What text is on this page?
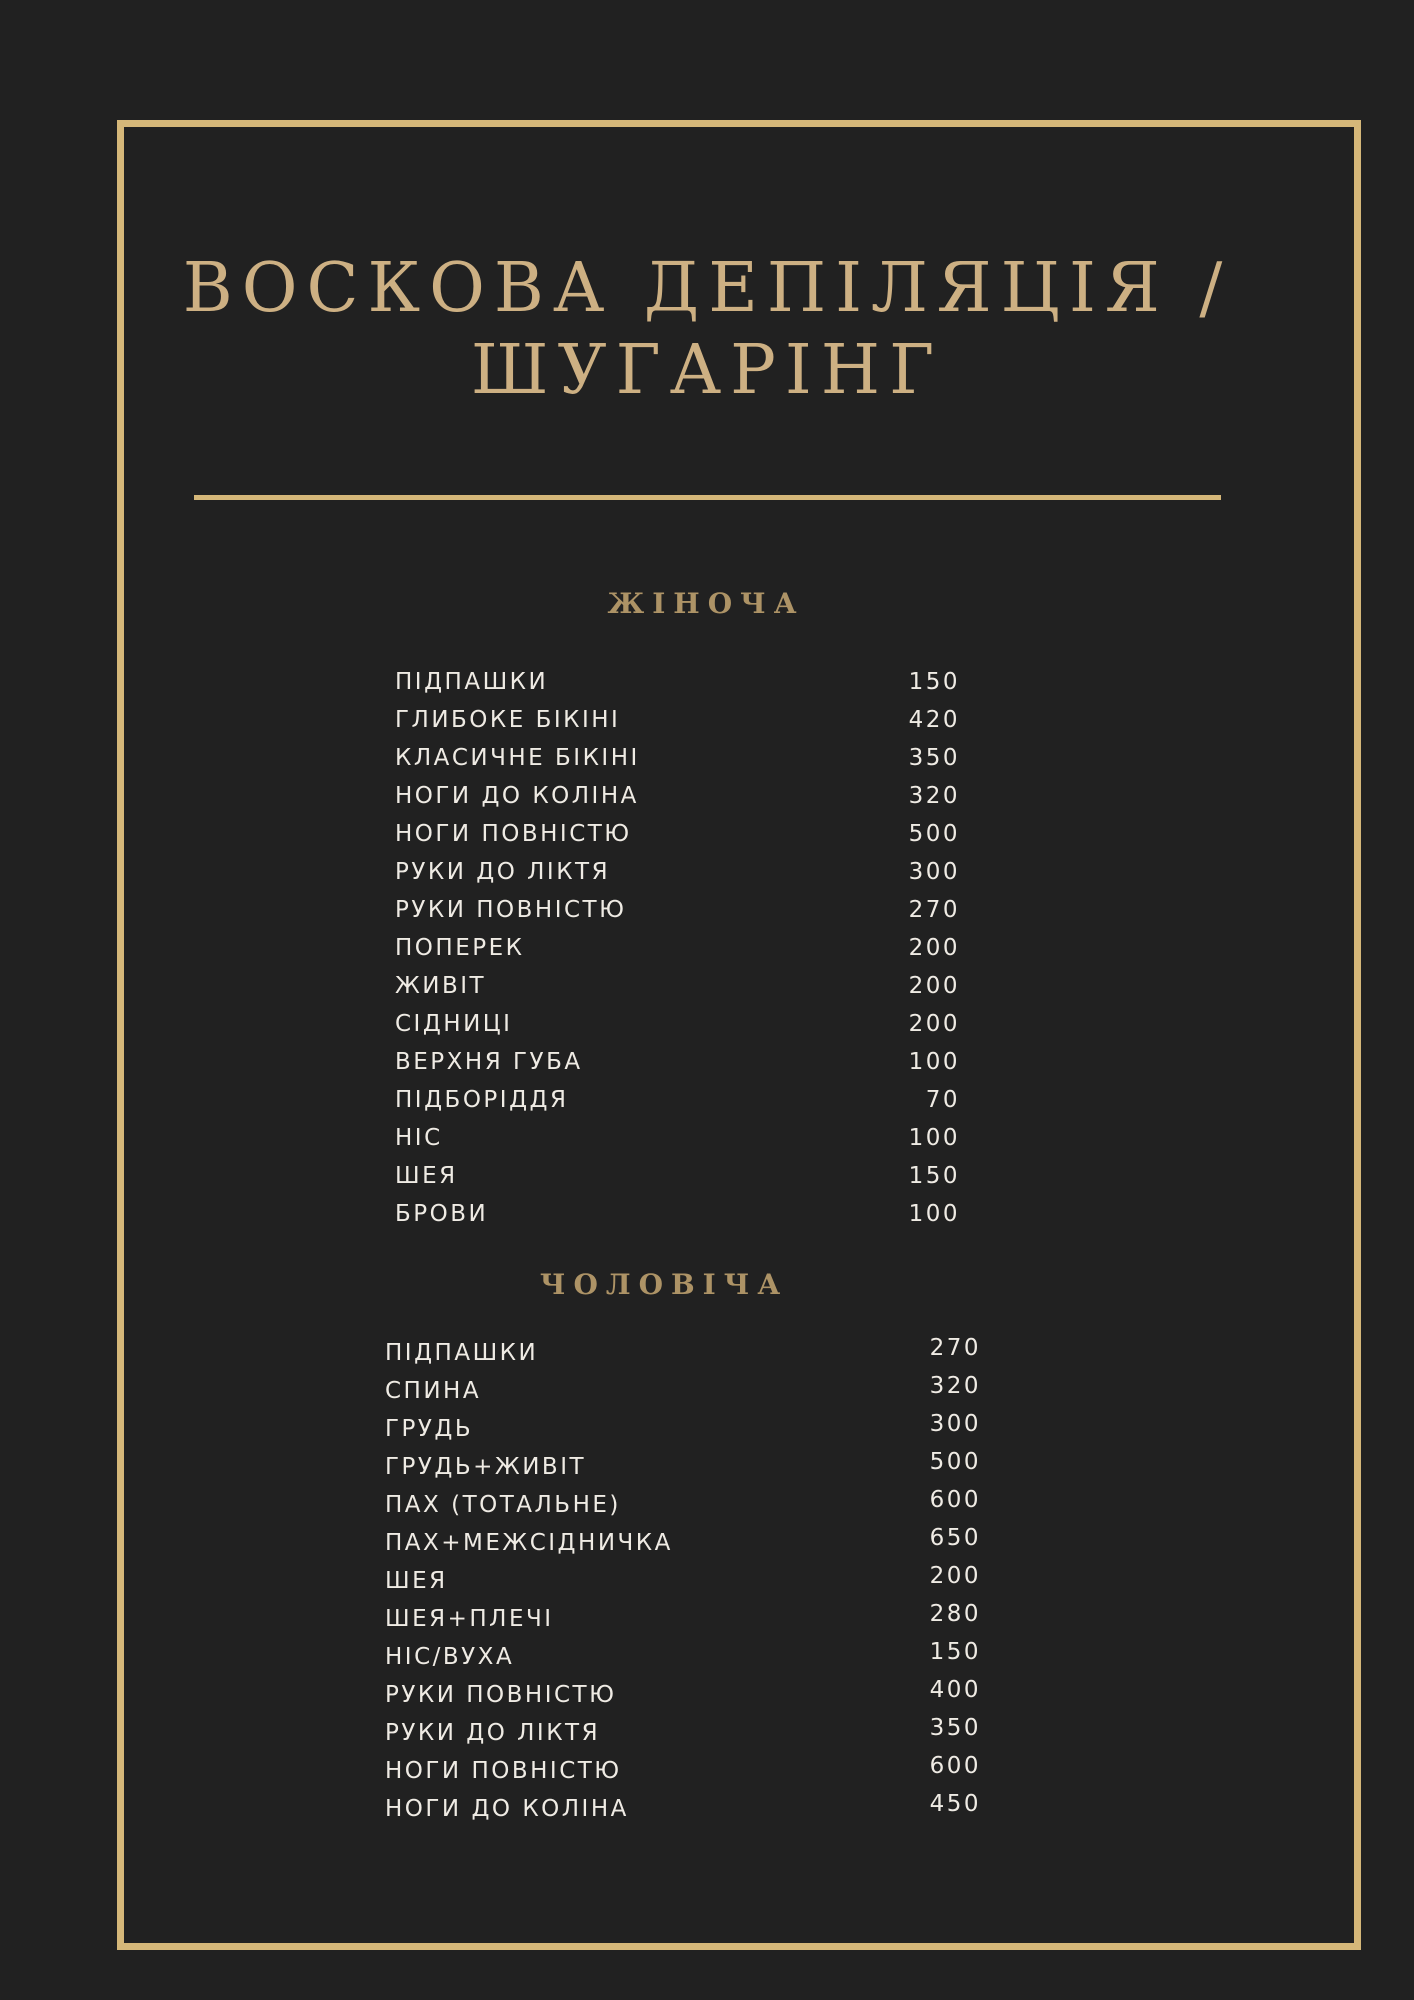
ВОСКОВА ДЕПІЛЯЦІЯ /
ШУГАРІНГ
ЖІНОЧА
ПІДПАШКИ	150
ГЛИБОКЕ БІКІНІ	420
КЛАСИЧНЕ БІКІНІ	350
НОГИ ДО КОЛІНА	320
НОГИ ПОВНІСТЮ	500
РУКИ ДО ЛІКТЯ	300
РУКИ ПОВНІСТЮ	270
ПОПЕРЕК	200
ЖИВІТ	200
СІДНИЦІ	200
ВЕРХНЯ ГУБА	100
ПІДБОРІДДЯ	70
НІС	100
ШЕЯ	150
БРОВИ	100
ЧОЛОВІЧА
ПІДПАШКИ	270
СПИНА	320
ГРУДЬ	300
ГРУДЬ+ЖИВІТ	500
ПАХ (ТОТАЛЬНЕ)	600
ПАХ+МЕЖСІДНИЧКА	650
ШЕЯ	200
ШЕЯ+ПЛЕЧІ	280
НІС/ВУХА	150
РУКИ ПОВНІСТЮ	400
РУКИ ДО ЛІКТЯ	350
НОГИ ПОВНІСТЮ	600
НОГИ ДО КОЛІНА	450
